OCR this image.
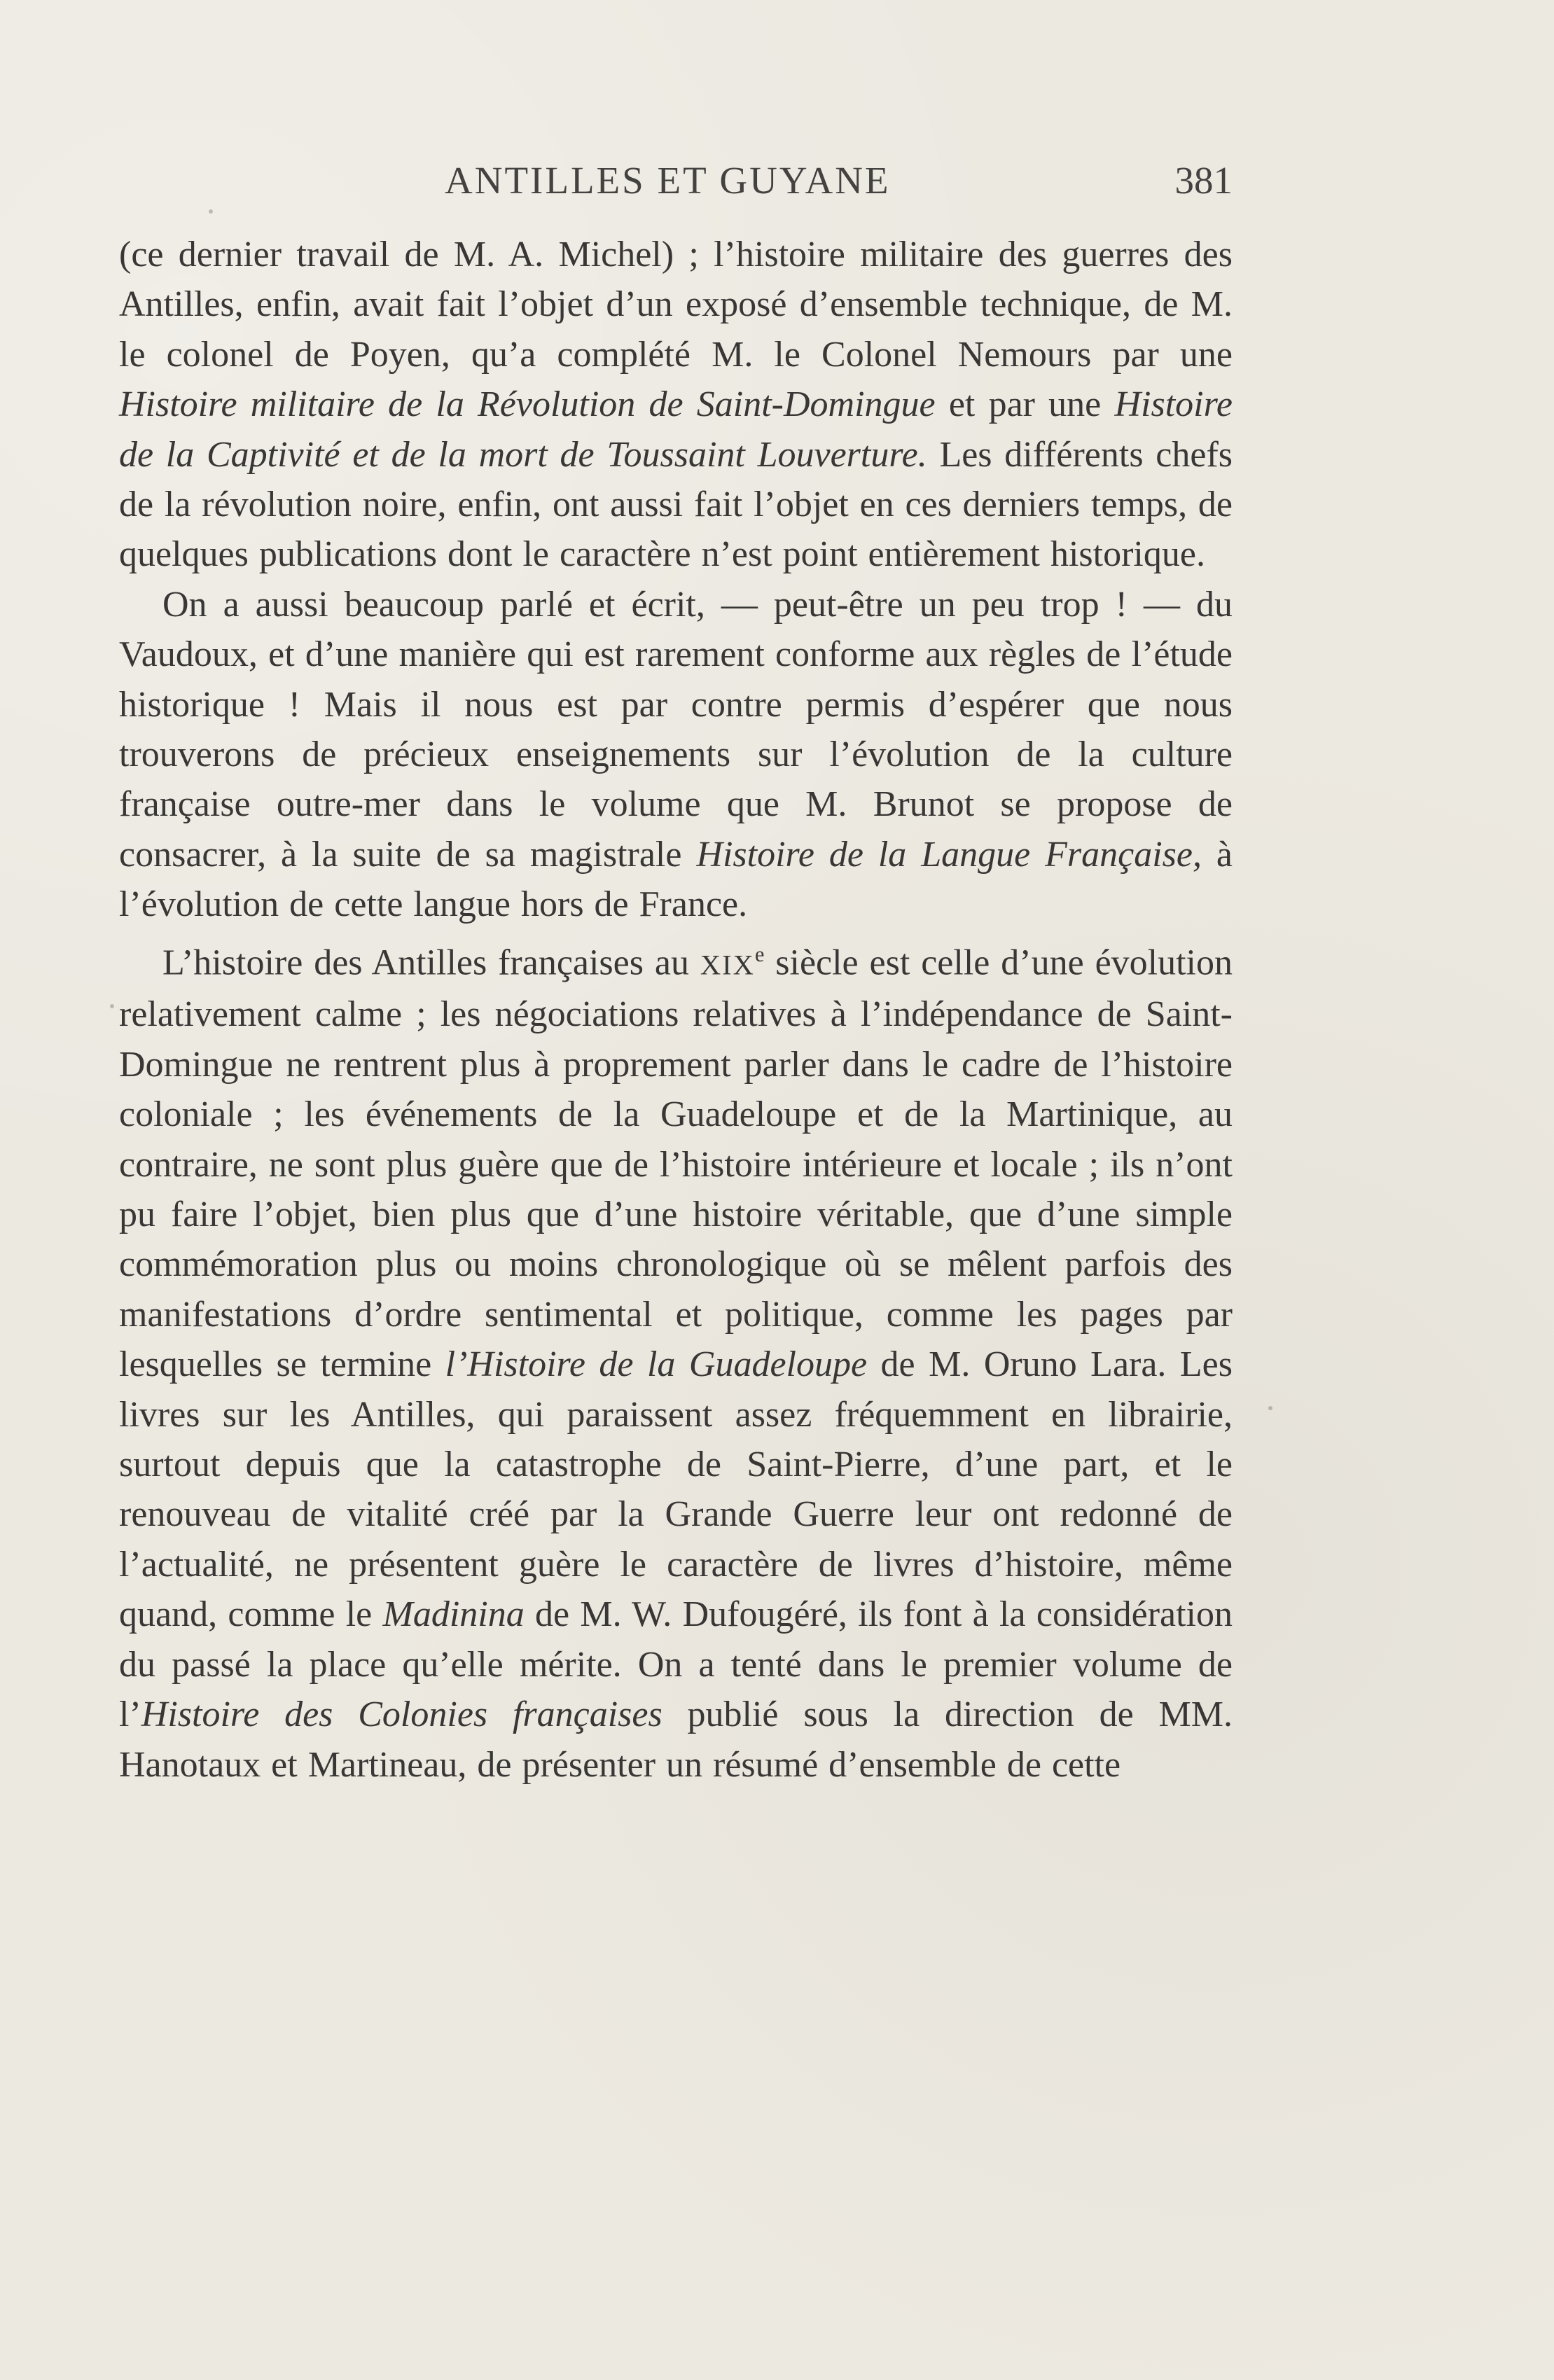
ANTILLES ET GUYANE	381

(ce dernier travail de M. A. Michel) ; l’histoire militaire des guerres des Antilles, enfin, avait fait l’objet d’un exposé d’ensemble technique, de M. le colonel de Poyen, qu’a complété M. le Colonel Nemours par une Histoire militaire de la Révolution de Saint-Domingue et par une Histoire de la Captivité et de la mort de Toussaint Louverture. Les différents chefs de la révolution noire, enfin, ont aussi fait l’objet en ces derniers temps, de quelques publications dont le caractère n’est point entièrement historique.

On a aussi beaucoup parlé et écrit, — peut-être un peu trop ! — du Vaudoux, et d’une manière qui est rarement conforme aux règles de l’étude historique ! Mais il nous est par contre permis d’espérer que nous trouverons de précieux enseignements sur l’évolution de la culture française outre-mer dans le volume que M. Brunot se propose de consacrer, à la suite de sa magistrale Histoire de la Langue Française, à l’évolution de cette langue hors de France.

L’histoire des Antilles françaises au XIXe siècle est celle d’une évolution relativement calme ; les négociations relatives à l’indépendance de Saint-Domingue ne rentrent plus à proprement parler dans le cadre de l’histoire coloniale ; les événements de la Guadeloupe et de la Martinique, au contraire, ne sont plus guère que de l’histoire intérieure et locale ; ils n’ont pu faire l’objet, bien plus que d’une histoire véritable, que d’une simple commémoration plus ou moins chronologique où se mêlent parfois des manifestations d’ordre sentimental et politique, comme les pages par lesquelles se termine l’Histoire de la Guadeloupe de M. Oruno Lara. Les livres sur les Antilles, qui paraissent assez fréquemment en librairie, surtout depuis que la catastrophe de Saint-Pierre, d’une part, et le renouveau de vitalité créé par la Grande Guerre leur ont redonné de l’actualité, ne présentent guère le caractère de livres d’histoire, même quand, comme le Madinina de M. W. Dufougéré, ils font à la considération du passé la place qu’elle mérite. On a tenté dans le premier volume de l’Histoire des Colonies françaises publié sous la direction de MM. Hanotaux et Martineau, de présenter un résumé d’ensemble de cette
